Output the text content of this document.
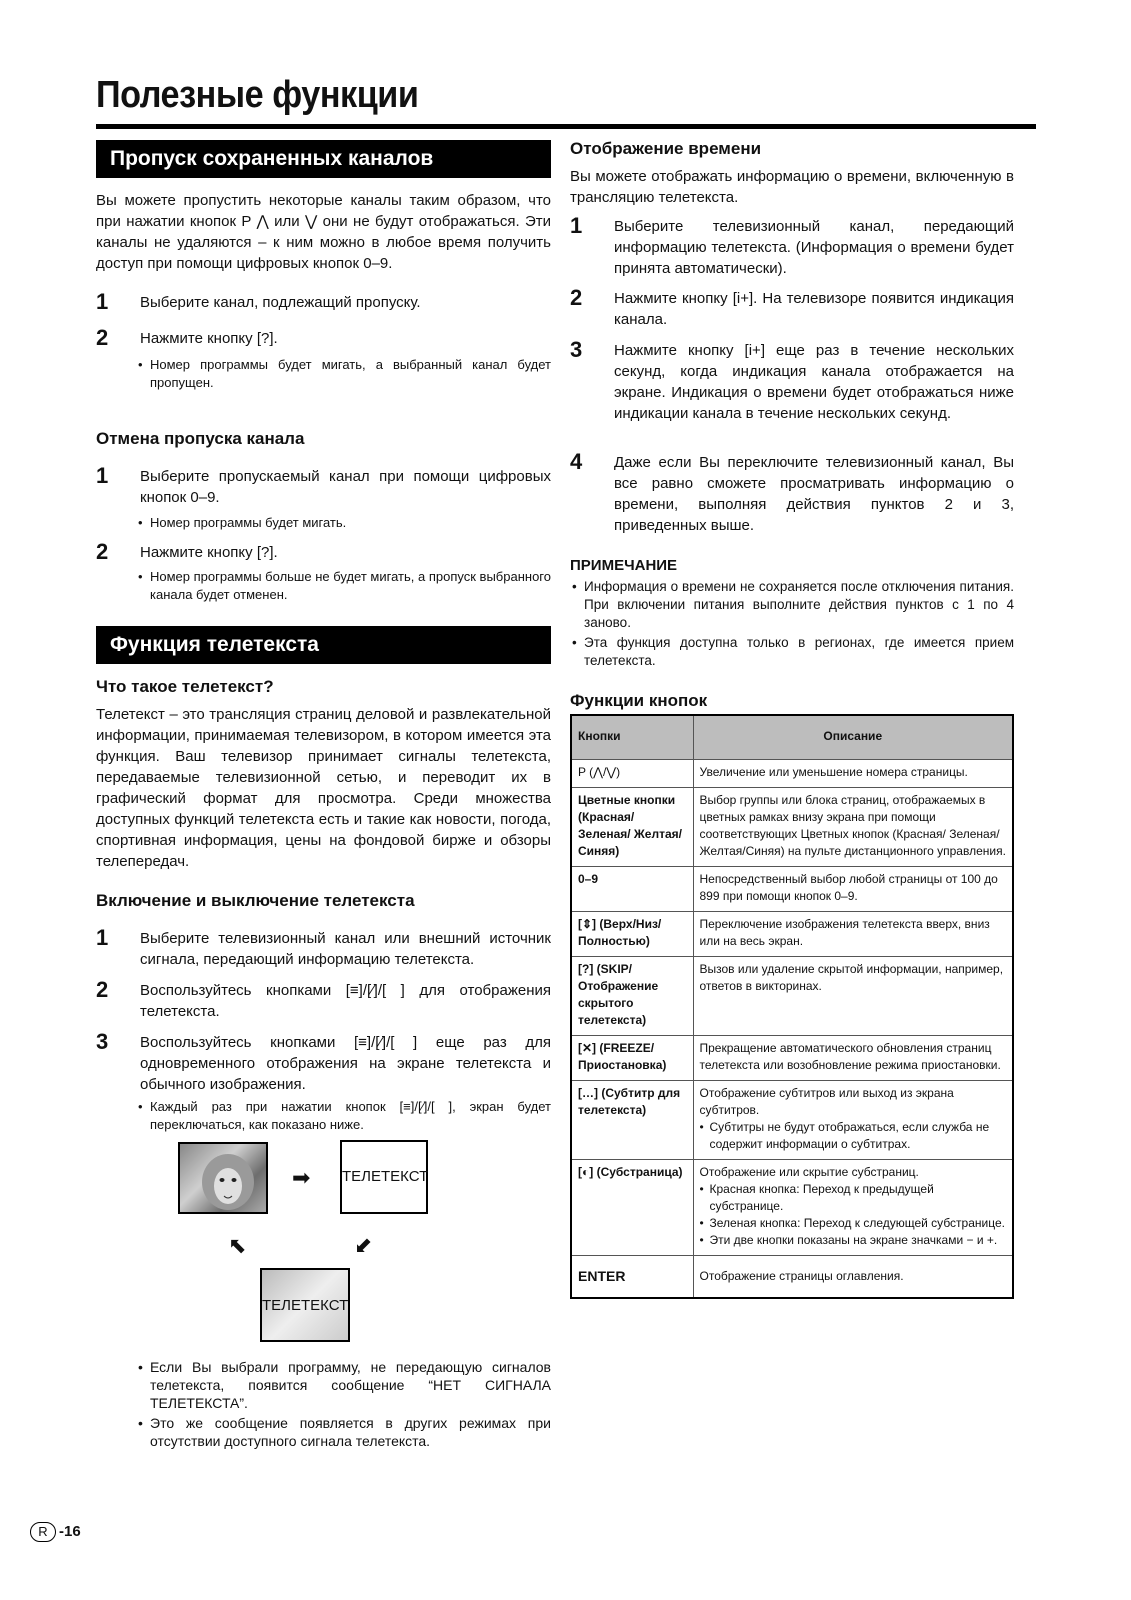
Полезные функции
Пропуск сохраненных каналов
Вы можете пропустить некоторые каналы таким образом, что при нажатии кнопок P ⋀ или ⋁ они не будут отображаться. Эти каналы не удаляются – к ним можно в любое время получить доступ при помощи цифровых кнопок 0–9.
1 Выберите канал, подлежащий пропуску.
2 Нажмите кнопку [?].
• Номер программы будет мигать, а выбранный канал будет пропущен.
Отмена пропуска канала
1 Выберите пропускаемый канал при помощи цифровых кнопок 0–9.
• Номер программы будет мигать.
2 Нажмите кнопку [?].
• Номер программы больше не будет мигать, а пропуск выбранного канала будет отменен.
Функция телетекста
Что такое телетекст?
Телетекст – это трансляция страниц деловой и развлекательной информации, принимаемая телевизором, в котором имеется эта функция. Ваш телевизор принимает сигналы телетекста, передаваемые телевизионной сетью, и переводит их в графический формат для просмотра. Среди множества доступных функций телетекста есть и такие как новости, погода, спортивная информация, цены на фондовой бирже и обзоры телепередач.
Включение и выключение телетекста
1 Выберите телевизионный канал или внешний источник сигнала, передающий информацию телетекста.
2 Воспользуйтесь кнопками [≡]/[⁄]/[ ] для отображения телетекста.
3 Воспользуйтесь кнопками [≡]/[⁄]/[ ] еще раз для одновременного отображения на экране телетекста и обычного изображения.
• Каждый раз при нажатии кнопок [≡]/[⁄]/[ ], экран будет переключаться, как показано ниже.
➡ ТЕЛЕТЕКСТ
➡	➡
ТЕЛЕТЕКСТ
• Если Вы выбрали программу, не передающую сигналов телетекста, появится сообщение “НЕТ СИГНАЛА ТЕЛЕТЕКСТА”.
• Это же сообщение появляется в других режимах при отсутствии доступного сигнала телетекста.
Отображение времени
Вы можете отображать информацию о времени, включенную в трансляцию телетекста.
1 Выберите телевизионный канал, передающий информацию телетекста. (Информация о времени будет принята автоматически).
2 Нажмите кнопку [i+]. На телевизоре появится индикация канала.
3 Нажмите кнопку [i+] еще раз в течение нескольких секунд, когда индикация канала отображается на экране. Индикация о времени будет отображаться ниже индикации канала в течение нескольких секунд.
4 Даже если Вы переключите телевизионный канал, Вы все равно сможете просматривать информацию о времени, выполняя действия пунктов 2 и 3, приведенных выше.
ПРИМЕЧАНИЕ
• Информация о времени не сохраняется после отключения питания. При включении питания выполните действия пунктов с 1 по 4 заново.
• Эта функция доступна только в регионах, где имеется прием телетекста.
Функции кнопок
Кнопки	Описание
P (⋀/⋁)	Увеличение или уменьшение номера страницы.
Цветные кнопки (Красная/ Зеленая/ Желтая/Синяя)	Выбор группы или блока страниц, отображаемых в цветных рамках внизу экрана при помощи соответствующих Цветных кнопок (Красная/ Зеленая/Желтая/Синяя) на пульте дистанционного управления.
0–9	Непосредственный выбор любой страницы от 100 до 899 при помощи кнопок 0–9.
[⇕] (Верх/Низ/ Полностью)	Переключение изображения телетекста вверх, вниз или на весь экран.
[?] (SKIP/ Отображение скрытого телетекста)	Вызов или удаление скрытой информации, например, ответов в викторинах.
[✕] (FREEZE/ Приостановка)	Прекращение автоматического обновления страниц телетекста или возобновление режима приостановки.
[…] (Субтитр для телетекста)	Отображение субтитров или выход из экрана субтитров.
• Субтитры не будут отображаться, если служба не содержит информации о субтитрах.

[◐] (Субстраница)	Отображение или скрытие субстраниц.
• Красная кнопка: Переход к предыдущей субстранице.
• Зеленая кнопка: Переход к следующей субстранице.
• Эти две кнопки показаны на экране значками − и +.

ENTER	Отображение страницы оглавления.
R -16
